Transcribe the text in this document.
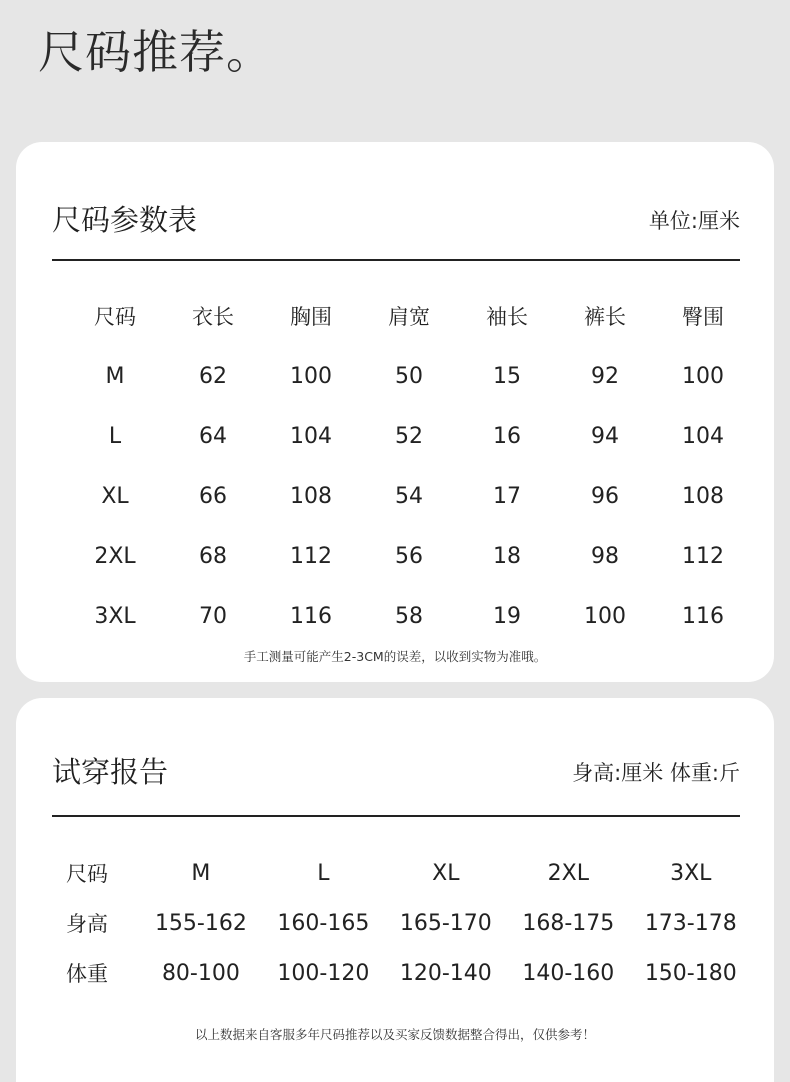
尺码推荐。
尺码参数表	单位:厘米
尺码	衣长	胸围	肩宽	袖长	裤长	臀围
M	62	100	50	15	92	100
L	64	104	52	16	94	104
XL	66	108	54	17	96	108
2XL	68	112	56	18	98	112
3XL	70	116	58	19	100	116
手工测量可能产生2-3CM的误差，以收到实物为准哦。
试穿报告	身高:厘米 体重:斤
尺码	M	L	XL	2XL	3XL
身高	155-162	160-165	165-170	168-175	173-178
体重	80-100	100-120	120-140	140-160	150-180
以上数据来自客服多年尺码推荐以及买家反馈数据整合得出，仅供参考！
